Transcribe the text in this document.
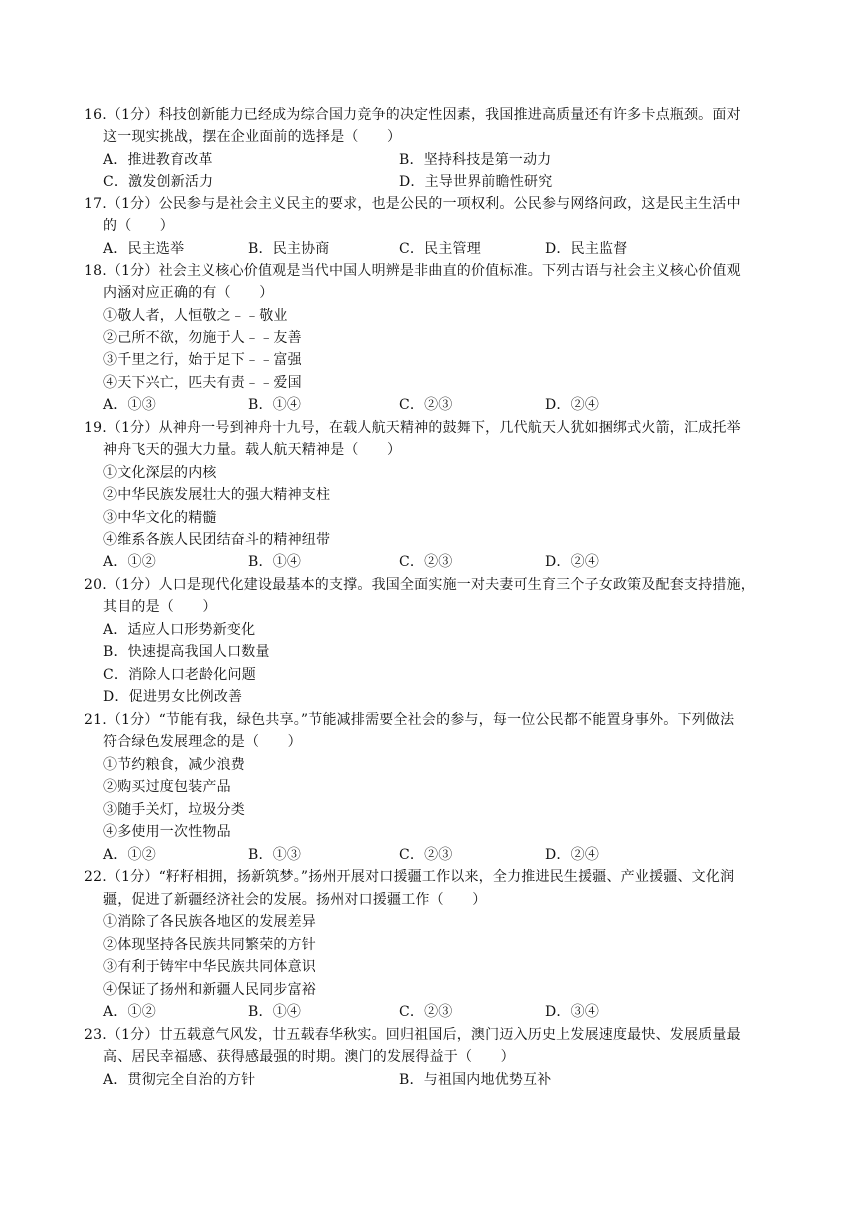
16.（1分）科技创新能力已经成为综合国力竞争的决定性因素，我国推进高质量还有许多卡点瓶颈。面对
这一现实挑战，摆在企业面前的选择是（　　）
A．推进教育改革	B．坚持科技是第一动力
C．激发创新活力	D．主导世界前瞻性研究
17.（1分）公民参与是社会主义民主的要求，也是公民的一项权利。公民参与网络问政，这是民主生活中
的（　　）
A．民主选举	B．民主协商	C．民主管理	D．民主监督
18.（1分）社会主义核心价值观是当代中国人明辨是非曲直的价值标准。下列古语与社会主义核心价值观
内涵对应正确的有（　　）
①敬人者，人恒敬之﹣﹣敬业
②己所不欲，勿施于人﹣﹣友善
③千里之行，始于足下﹣﹣富强
④天下兴亡，匹夫有责﹣﹣爱国
A．①③	B．①④	C．②③	D．②④
19.（1分）从神舟一号到神舟十九号，在载人航天精神的鼓舞下，几代航天人犹如捆绑式火箭，汇成托举
神舟飞天的强大力量。载人航天精神是（　　）
①文化深层的内核
②中华民族发展壮大的强大精神支柱
③中华文化的精髓
④维系各族人民团结奋斗的精神纽带
A．①②	B．①④	C．②③	D．②④
20.（1分）人口是现代化建设最基本的支撑。我国全面实施一对夫妻可生育三个子女政策及配套支持措施，
其目的是（　　）
A．适应人口形势新变化
B．快速提高我国人口数量
C．消除人口老龄化问题
D．促进男女比例改善
21.（1分）“节能有我，绿色共享。”节能减排需要全社会的参与，每一位公民都不能置身事外。下列做法
符合绿色发展理念的是（　　）
①节约粮食，减少浪费
②购买过度包装产品
③随手关灯，垃圾分类
④多使用一次性物品
A．①②	B．①③	C．②③	D．②④
22.（1分）“籽籽相拥，扬新筑梦。”扬州开展对口援疆工作以来，全力推进民生援疆、产业援疆、文化润
疆，促进了新疆经济社会的发展。扬州对口援疆工作（　　）
①消除了各民族各地区的发展差异
②体现坚持各民族共同繁荣的方针
③有利于铸牢中华民族共同体意识
④保证了扬州和新疆人民同步富裕
A．①②	B．①④	C．②③	D．③④
23.（1分）廿五载意气风发，廿五载春华秋实。回归祖国后，澳门迈入历史上发展速度最快、发展质量最
高、居民幸福感、获得感最强的时期。澳门的发展得益于（　　）
A．贯彻完全自治的方针	B．与祖国内地优势互补
